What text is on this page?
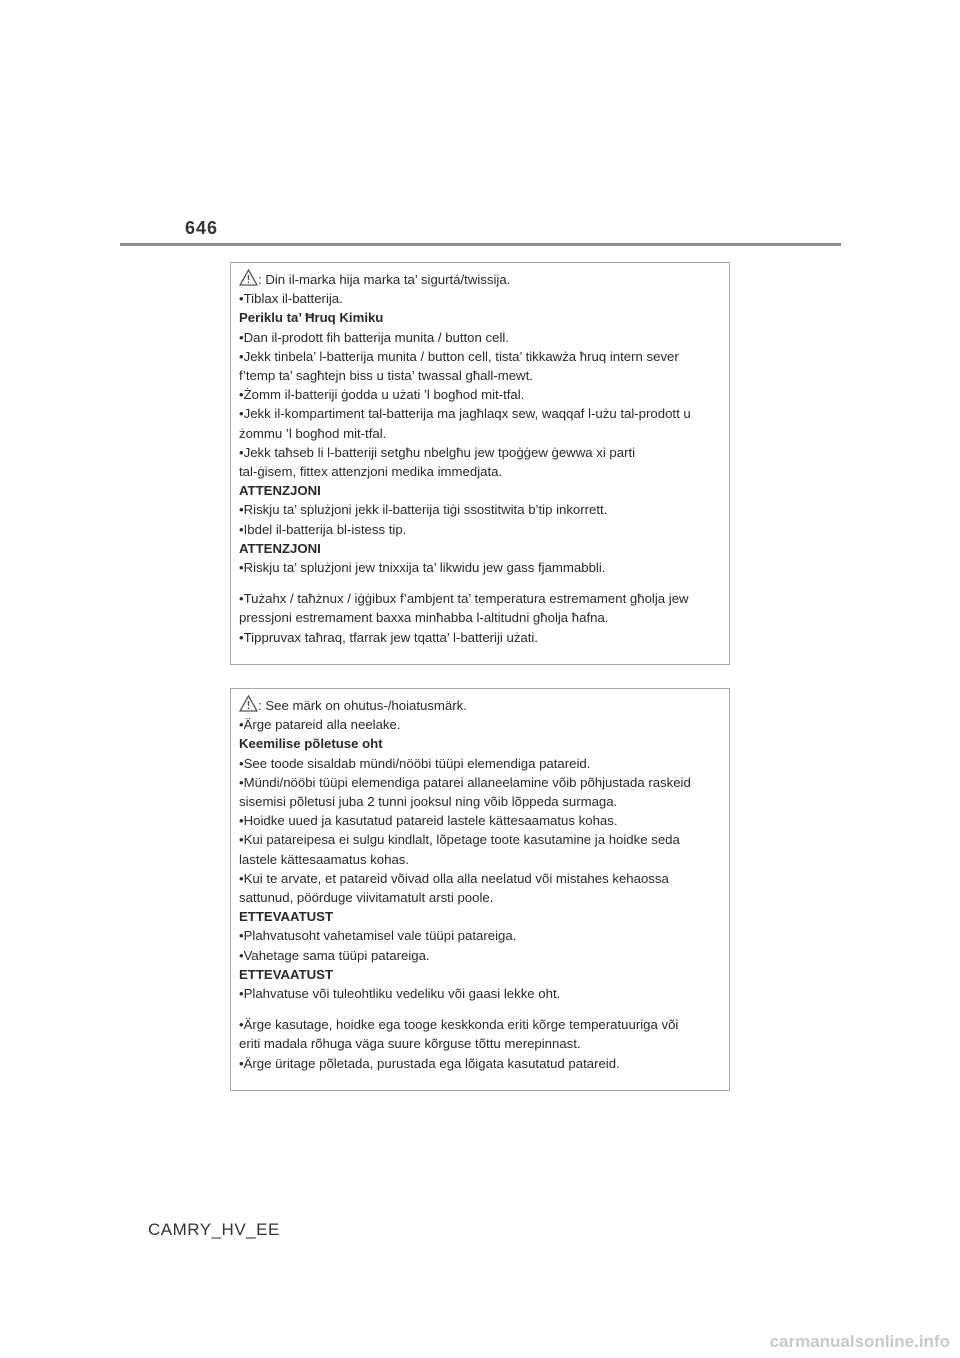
646
: Din il-marka hija marka ta’ sigurtá/twissija.
•Tiblax il-batterija.
Periklu ta’ Ħruq Kimiku
•Dan il-prodott fih batterija munita / button cell.
•Jekk tinbela’ l-batterija munita / button cell, tista’ tikkawża ħruq intern sever
f’temp ta’ sagħtejn biss u tista’ twassal għall-mewt.
•Żomm il-batteriji ġodda u użati ’l bogħod mit-tfal.
•Jekk il-kompartiment tal-batterija ma jagħlaqx sew, waqqaf l-użu tal-prodott u
żommu ’l bogħod mit-tfal.
•Jekk taħseb li l-batteriji setgħu nbelgħu jew tpoġġew ġewwa xi parti
tal-ġisem, fittex attenzjoni medika immedjata.
ATTENZJONI
•Riskju ta’ splużjoni jekk il-batterija tiġi ssostitwita b’tip inkorrett.
•Ibdel il-batterija bl-istess tip.
ATTENZJONI
•Riskju ta’ splużjoni jew tnixxija ta’ likwidu jew gass fjammabbli.
•Tużahx / taħżnux / iġġibux f’ambjent ta’ temperatura estremament għolja jew
pressjoni estremament baxxa minħabba l-altitudni għolja ħafna.
•Tippruvax taħraq, tfarrak jew tqatta’ l-batteriji użati.
: See märk on ohutus-/hoiatusmärk.
•Ärge patareid alla neelake.
Keemilise põletuse oht
•See toode sisaldab mündi/nööbi tüüpi elemendiga patareid.
•Mündi/nööbi tüüpi elemendiga patarei allaneelamine võib põhjustada raskeid
sisemisi põletusi juba 2 tunni jooksul ning võib lõppeda surmaga.
•Hoidke uued ja kasutatud patareid lastele kättesaamatus kohas.
•Kui patareipesa ei sulgu kindlalt, lõpetage toote kasutamine ja hoidke seda
lastele kättesaamatus kohas.
•Kui te arvate, et patareid võivad olla alla neelatud või mistahes kehaossa
sattunud, pöörduge viivitamatult arsti poole.
ETTEVAATUST
•Plahvatusoht vahetamisel vale tüüpi patareiga.
•Vahetage sama tüüpi patareiga.
ETTEVAATUST
•Plahvatuse või tuleohtliku vedeliku või gaasi lekke oht.
•Ärge kasutage, hoidke ega tooge keskkonda eriti kõrge temperatuuriga või
eriti madala rõhuga väga suure kõrguse tõttu merepinnast.
•Ärge üritage põletada, purustada ega lõigata kasutatud patareid.
CAMRY_HV_EE
carmanualsonline.info
